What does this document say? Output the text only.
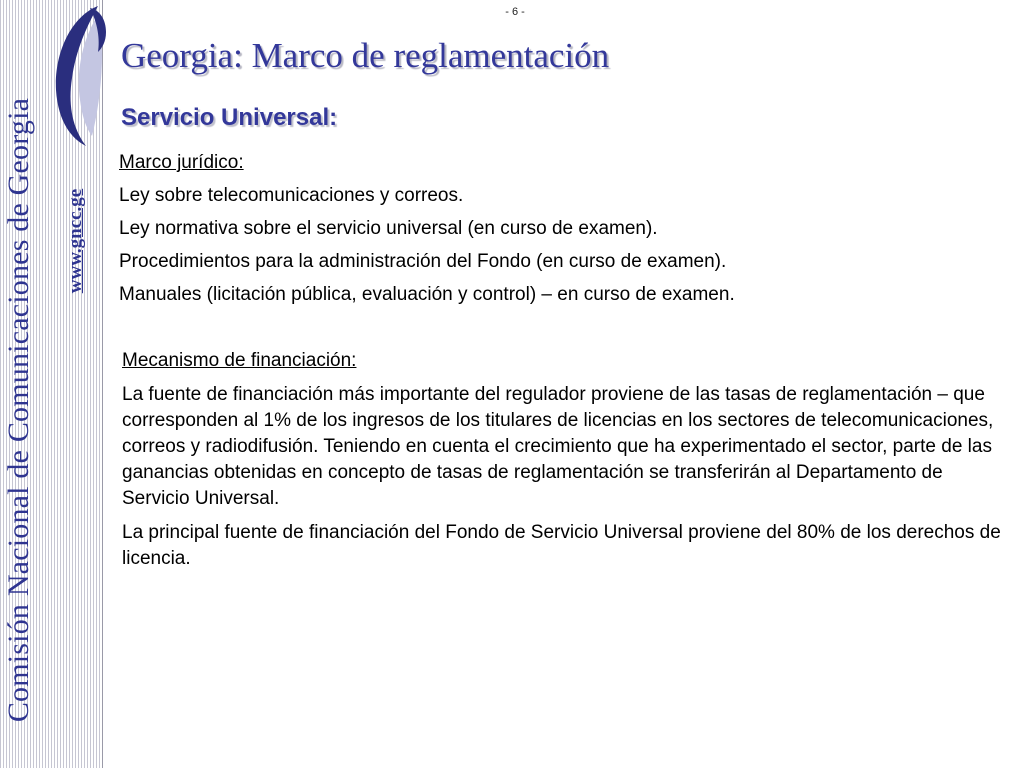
Comisión Nacional de Comunicaciones de Georgia www.gncc.ge
- 6 -
Georgia: Marco de reglamentación
Servicio Universal:

Marco jurídico:

Ley sobre telecomunicaciones y correos.

Ley normativa sobre el servicio universal (en curso de examen).

Procedimientos para la administración del Fondo (en curso de examen).

Manuales (licitación pública, evaluación y control) – en curso de examen.

Mecanismo de financiación:

La fuente de financiación más importante del regulador proviene de las tasas de reglamentación – que corresponden al 1% de los ingresos de los titulares de licencias en los sectores de telecomunicaciones, correos y radiodifusión. Teniendo en cuenta el crecimiento que ha experimentado el sector, parte de las ganancias obtenidas en concepto de tasas de reglamentación se transferirán al Departamento de Servicio Universal.

La principal fuente de financiación del Fondo de Servicio Universal proviene del 80% de los derechos de licencia.
